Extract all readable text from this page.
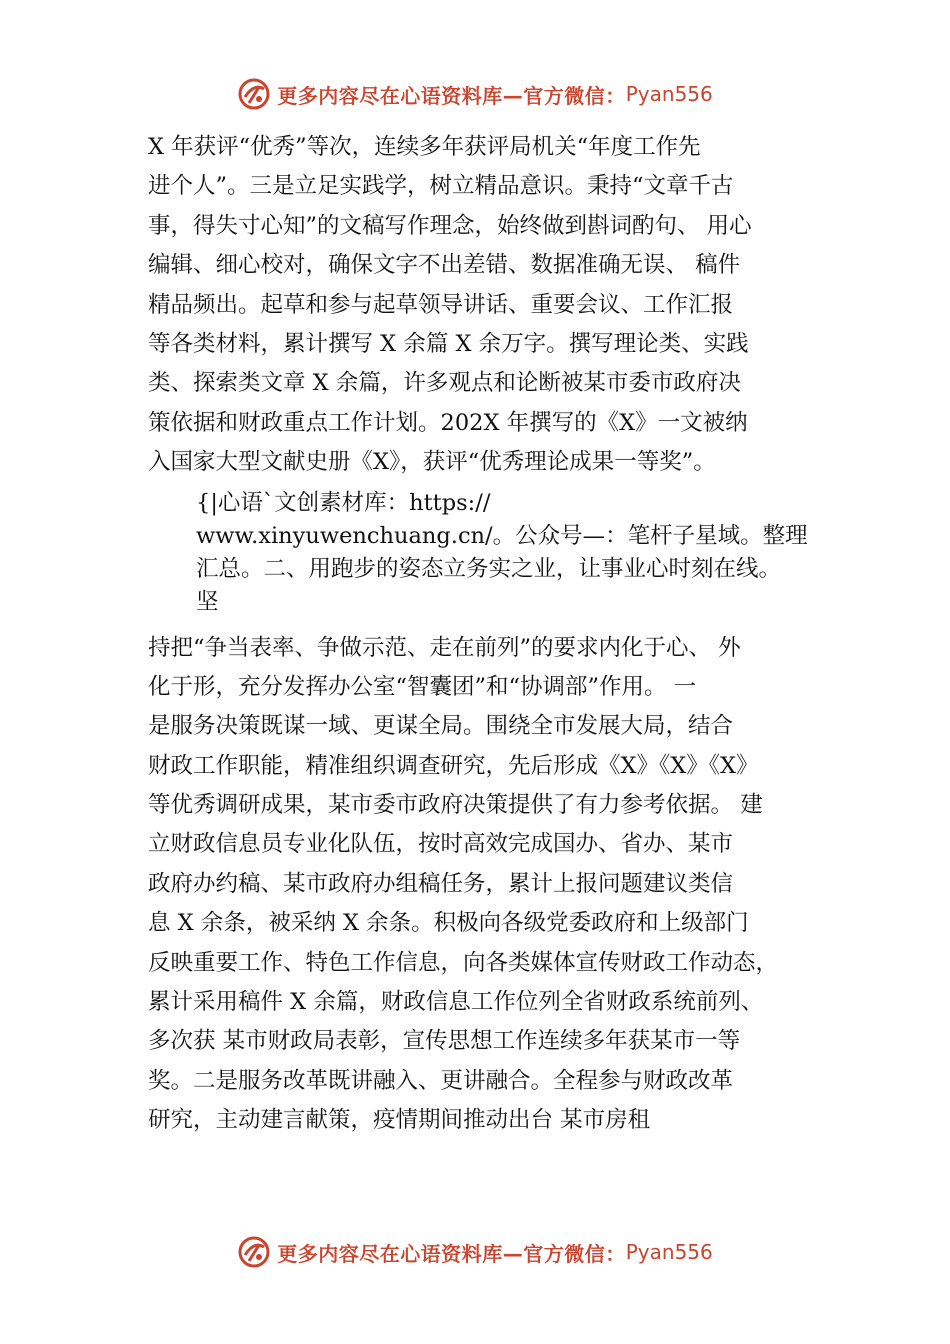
更多内容尽在心语资料库—官方微信： Pyan556
X 年获评“优秀”等次，连续多年获评局机关“年度工作先
进个人”。三是立足实践学，树立精品意识。秉持“文章千古
事，得失寸心知”的文稿写作理念，始终做到斟词酌句、 用心
编辑、细心校对，确保文字不出差错、数据准确无误、 稿件
精品频出。起草和参与起草领导讲话、重要会议、工作汇报
等各类材料，累计撰写 X 余篇 X 余万字。撰写理论类、实践
类、探索类文章 X 余篇，许多观点和论断被某市委市政府决
策依据和财政重点工作计划。202X 年撰写的《X》一文被纳
入国家大型文献史册《X》，获评“优秀理论成果一等奖”。
{|心语`文创素材库：https://
www.xinyuwenchuang.cn/。公众号—：笔杆子星域。整理
汇总。二、用跑步的姿态立务实之业，让事业心时刻在线。
坚
持把“争当表率、争做示范、走在前列”的要求内化于心、 外
化于形，充分发挥办公室“智囊团”和“协调部”作用。 一
是服务决策既谋一域、更谋全局。围绕全市发展大局，结合
财政工作职能，精准组织调查研究，先后形成《X》《X》《X》
等优秀调研成果，某市委市政府决策提供了有力参考依据。 建
立财政信息员专业化队伍，按时高效完成国办、省办、某市
政府办约稿、某市政府办组稿任务，累计上报问题建议类信
息 X 余条，被采纳 X 余条。积极向各级党委政府和上级部门
反映重要工作、特色工作信息，向各类媒体宣传财政工作动态，
累计采用稿件 X 余篇，财政信息工作位列全省财政系统前列、
多次获 某市财政局表彰，宣传思想工作连续多年获某市一等
奖。二是服务改革既讲融入、更讲融合。全程参与财政改革
研究，主动建言献策，疫情期间推动出台 某市房租
更多内容尽在心语资料库—官方微信： Pyan556
